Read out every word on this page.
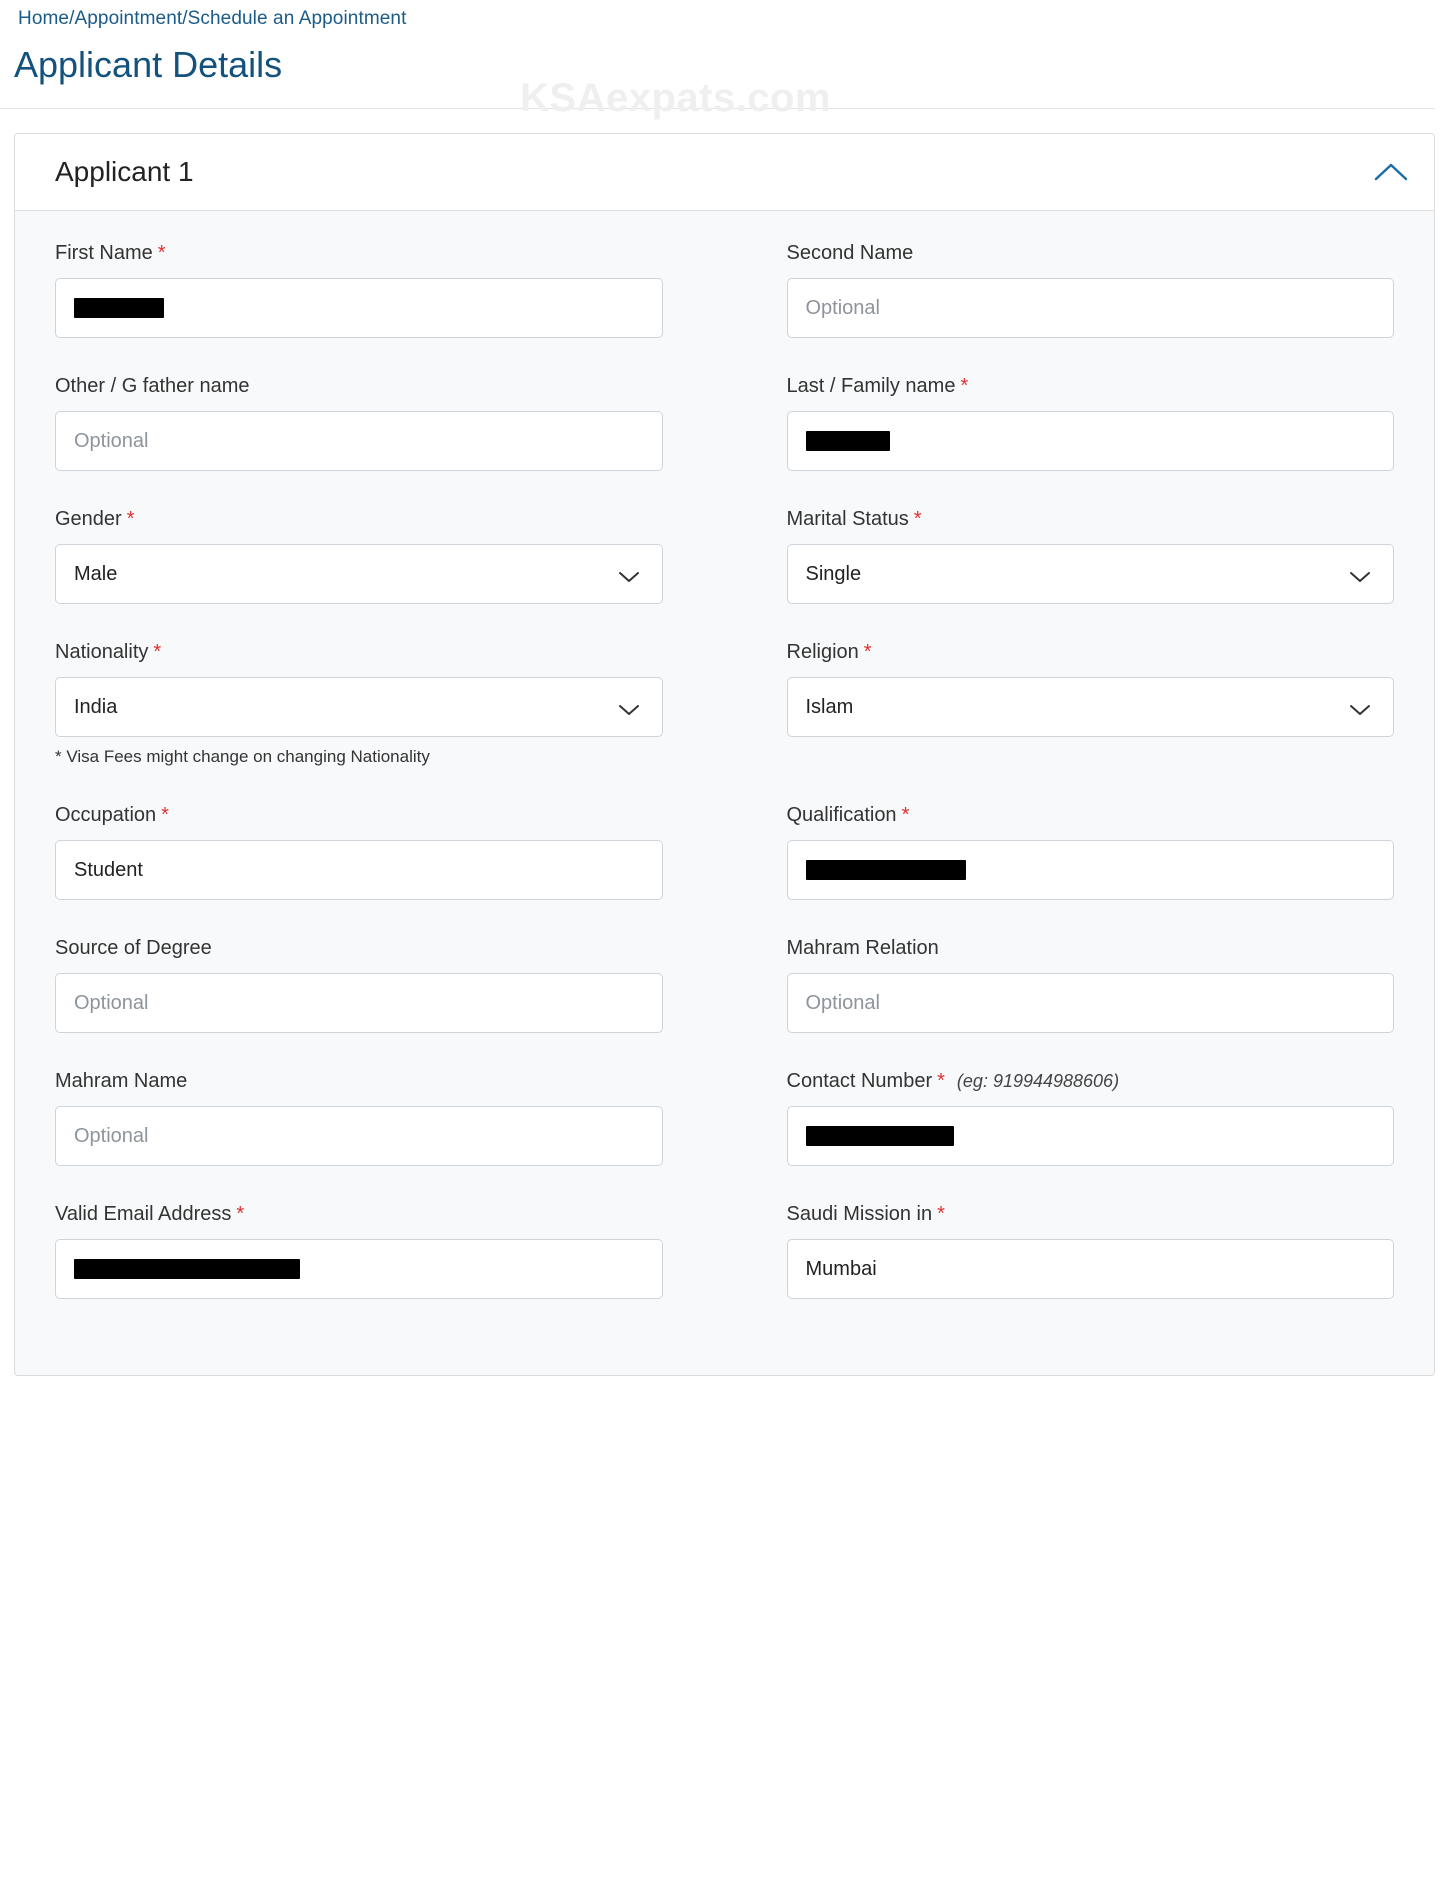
Home/Appointment/Schedule an Appointment
Applicant Details
KSAexpats.com
Applicant 1
First Name *
	Second Name
Optional
Other / G father name
Optional
Last / Family name *

Gender *
Male
Marital Status *
Single
Nationality *
India
* Visa Fees might change on changing Nationality
Religion *
Islam
Occupation *
Student
Qualification *

Source of Degree
Optional
Mahram Relation
Optional
Mahram Name
Optional
Contact Number * (eg: 919944988606)

Valid Email Address *
	Saudi Mission in *
Mumbai
